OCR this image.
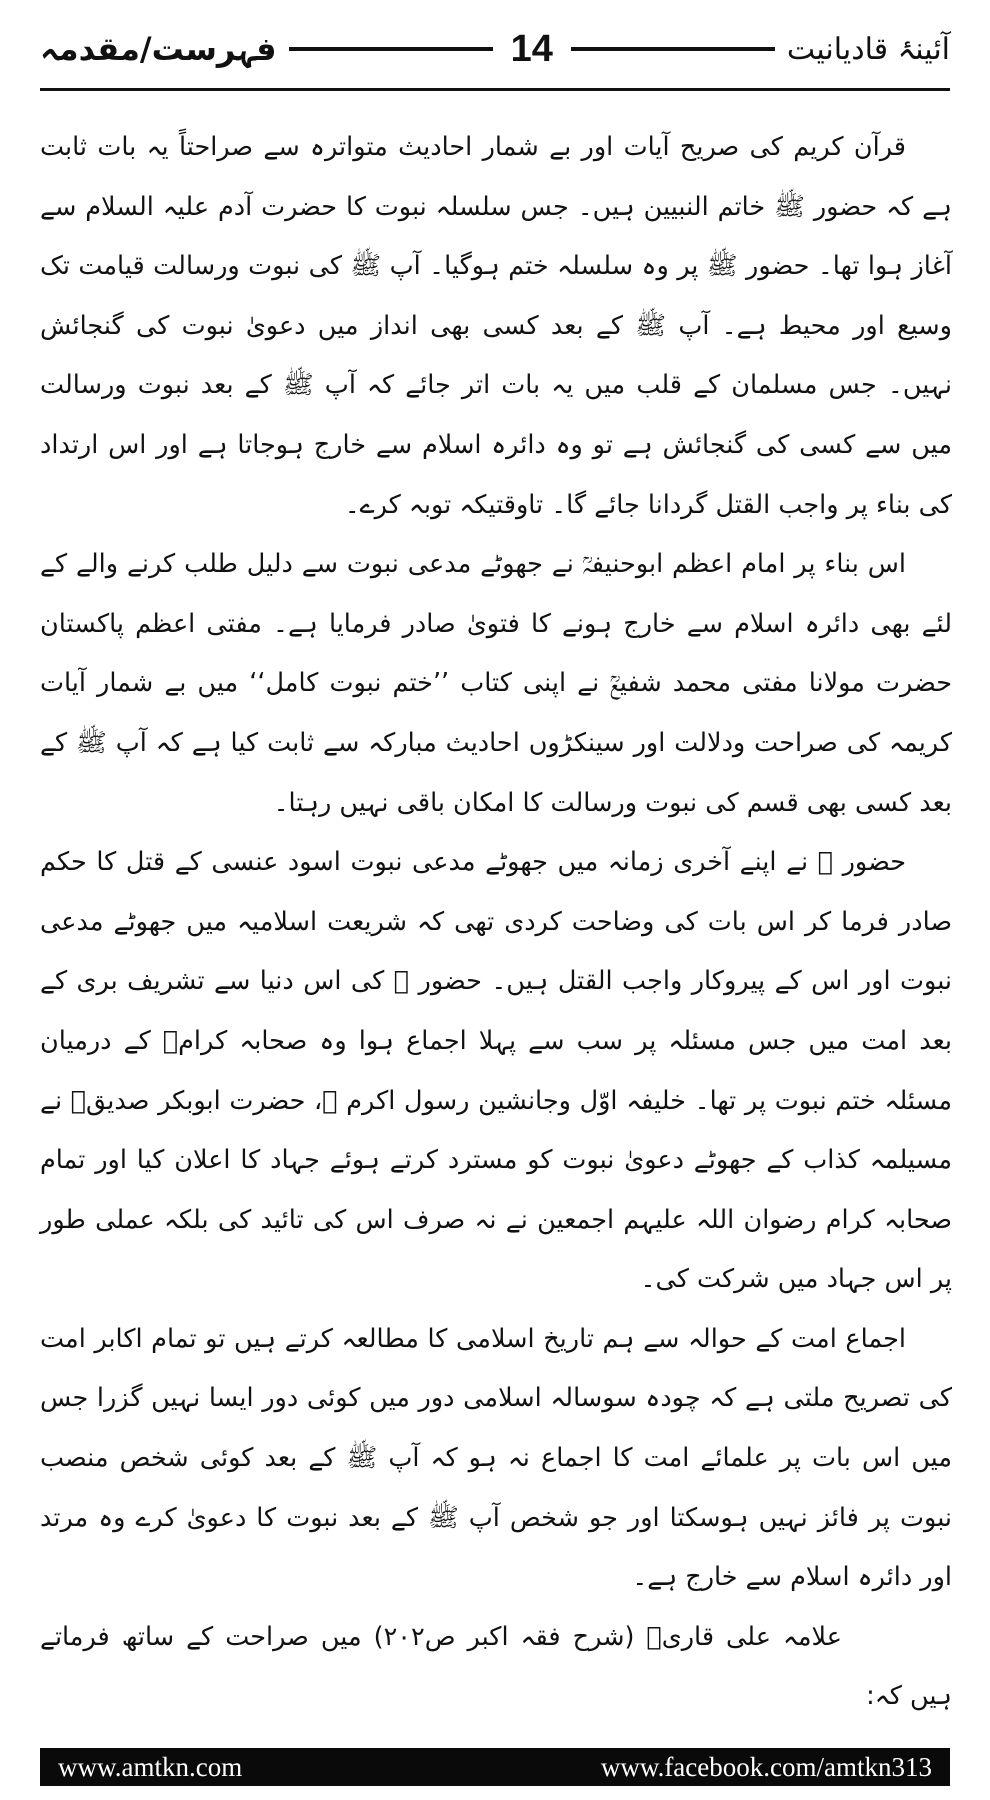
فہرست/مقدمہ	14	آئینۂ قادیانیت

قرآن کریم کی صریح آیات اور بے شمار احادیث متواترہ سے صراحتاً یہ بات ثابت ہے کہ حضور ﷺ خاتم النبیین ہیں۔ جس سلسلہ نبوت کا حضرت آدم علیہ السلام سے آغاز ہوا تھا۔ حضور ﷺ پر وہ سلسلہ ختم ہوگیا۔ آپ ﷺ کی نبوت ورسالت قیامت تک وسیع اور محیط ہے۔ آپ ﷺ کے بعد کسی بھی انداز میں دعویٰ نبوت کی گنجائش نہیں۔ جس مسلمان کے قلب میں یہ بات اتر جائے کہ آپ ﷺ کے بعد نبوت ورسالت میں سے کسی کی گنجائش ہے تو وہ دائرہ اسلام سے خارج ہوجاتا ہے اور اس ارتداد کی بناء پر واجب القتل گردانا جائے گا۔ تاوقتیکہ توبہ کرے۔

اس بناء پر امام اعظم ابوحنیفہؒ نے جھوٹے مدعی نبوت سے دلیل طلب کرنے والے کے لئے بھی دائرہ اسلام سے خارج ہونے کا فتویٰ صادر فرمایا ہے۔ مفتی اعظم پاکستان حضرت مولانا مفتی محمد شفیعؒ نے اپنی کتاب ’’ختم نبوت کامل‘‘ میں بے شمار آیات کریمہ کی صراحت ودلالت اور سینکڑوں احادیث مبارکہ سے ثابت کیا ہے کہ آپ ﷺ کے بعد کسی بھی قسم کی نبوت ورسالت کا امکان باقی نہیں رہتا۔

حضور ﷺ نے اپنے آخری زمانہ میں جھوٹے مدعی نبوت اسود عنسی کے قتل کا حکم صادر فرما کر اس بات کی وضاحت کردی تھی کہ شریعت اسلامیہ میں جھوٹے مدعی نبوت اور اس کے پیروکار واجب القتل ہیں۔ حضور ﷺ کی اس دنیا سے تشریف بری کے بعد امت میں جس مسئلہ پر سب سے پہلا اجماع ہوا وہ صحابہ کرامؓ کے درمیان مسئلہ ختم نبوت پر تھا۔ خلیفہ اوّل وجانشین رسول اکرم ﷺ، حضرت ابوبکر صدیقؓ نے مسیلمہ کذاب کے جھوٹے دعویٰ نبوت کو مسترد کرتے ہوئے جہاد کا اعلان کیا اور تمام صحابہ کرام رضوان اللہ علیہم اجمعین نے نہ صرف اس کی تائید کی بلکہ عملی طور پر اس جہاد میں شرکت کی۔

اجماع امت کے حوالہ سے ہم تاریخ اسلامی کا مطالعہ کرتے ہیں تو تمام اکابر امت کی تصریح ملتی ہے کہ چودہ سوسالہ اسلامی دور میں کوئی دور ایسا نہیں گزرا جس میں اس بات پر علمائے امت کا اجماع نہ ہو کہ آپ ﷺ کے بعد کوئی شخص منصب نبوت پر فائز نہیں ہوسکتا اور جو شخص آپ ﷺ کے بعد نبوت کا دعویٰ کرے وہ مرتد اور دائرہ اسلام سے خارج ہے۔

علامہ علی قاریؒ (شرح فقہ اکبر ص۲۰۲) میں صراحت کے ساتھ فرماتے ہیں کہ:

www.amtkn.com	www.facebook.com/amtkn313
